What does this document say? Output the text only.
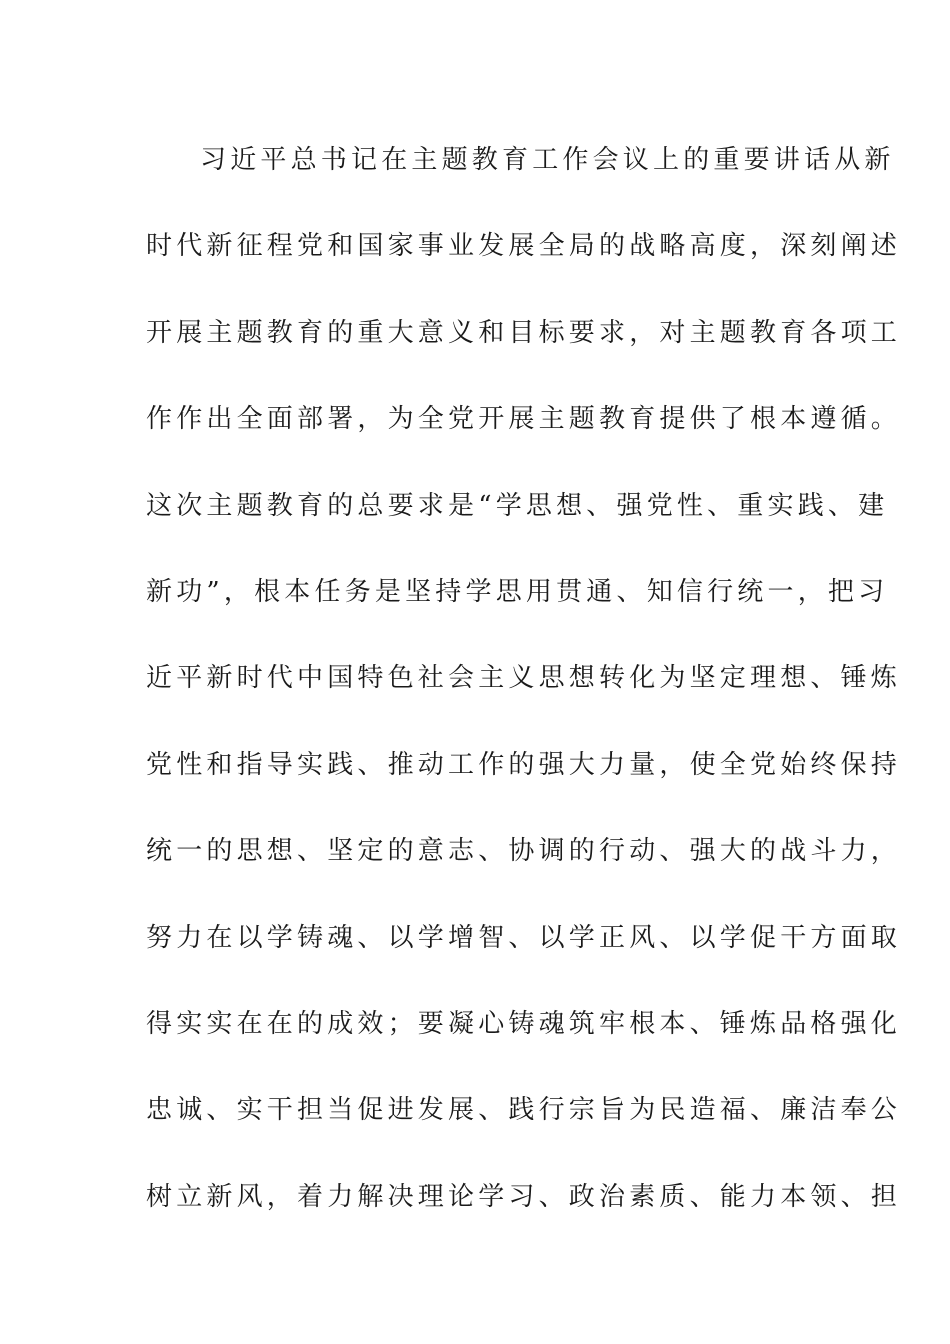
习近平总书记在主题教育工作会议上的重要讲话从新
时代新征程党和国家事业发展全局的战略高度，深刻阐述
开展主题教育的重大意义和目标要求，对主题教育各项工
作作出全面部署，为全党开展主题教育提供了根本遵循。
这次主题教育的总要求是“学思想、强党性、重实践、建
新功”，根本任务是坚持学思用贯通、知信行统一，把习
近平新时代中国特色社会主义思想转化为坚定理想、锤炼
党性和指导实践、推动工作的强大力量，使全党始终保持
统一的思想、坚定的意志、协调的行动、强大的战斗力，
努力在以学铸魂、以学增智、以学正风、以学促干方面取
得实实在在的成效；要凝心铸魂筑牢根本、锤炼品格强化
忠诚、实干担当促进发展、践行宗旨为民造福、廉洁奉公
树立新风，着力解决理论学习、政治素质、能力本领、担
